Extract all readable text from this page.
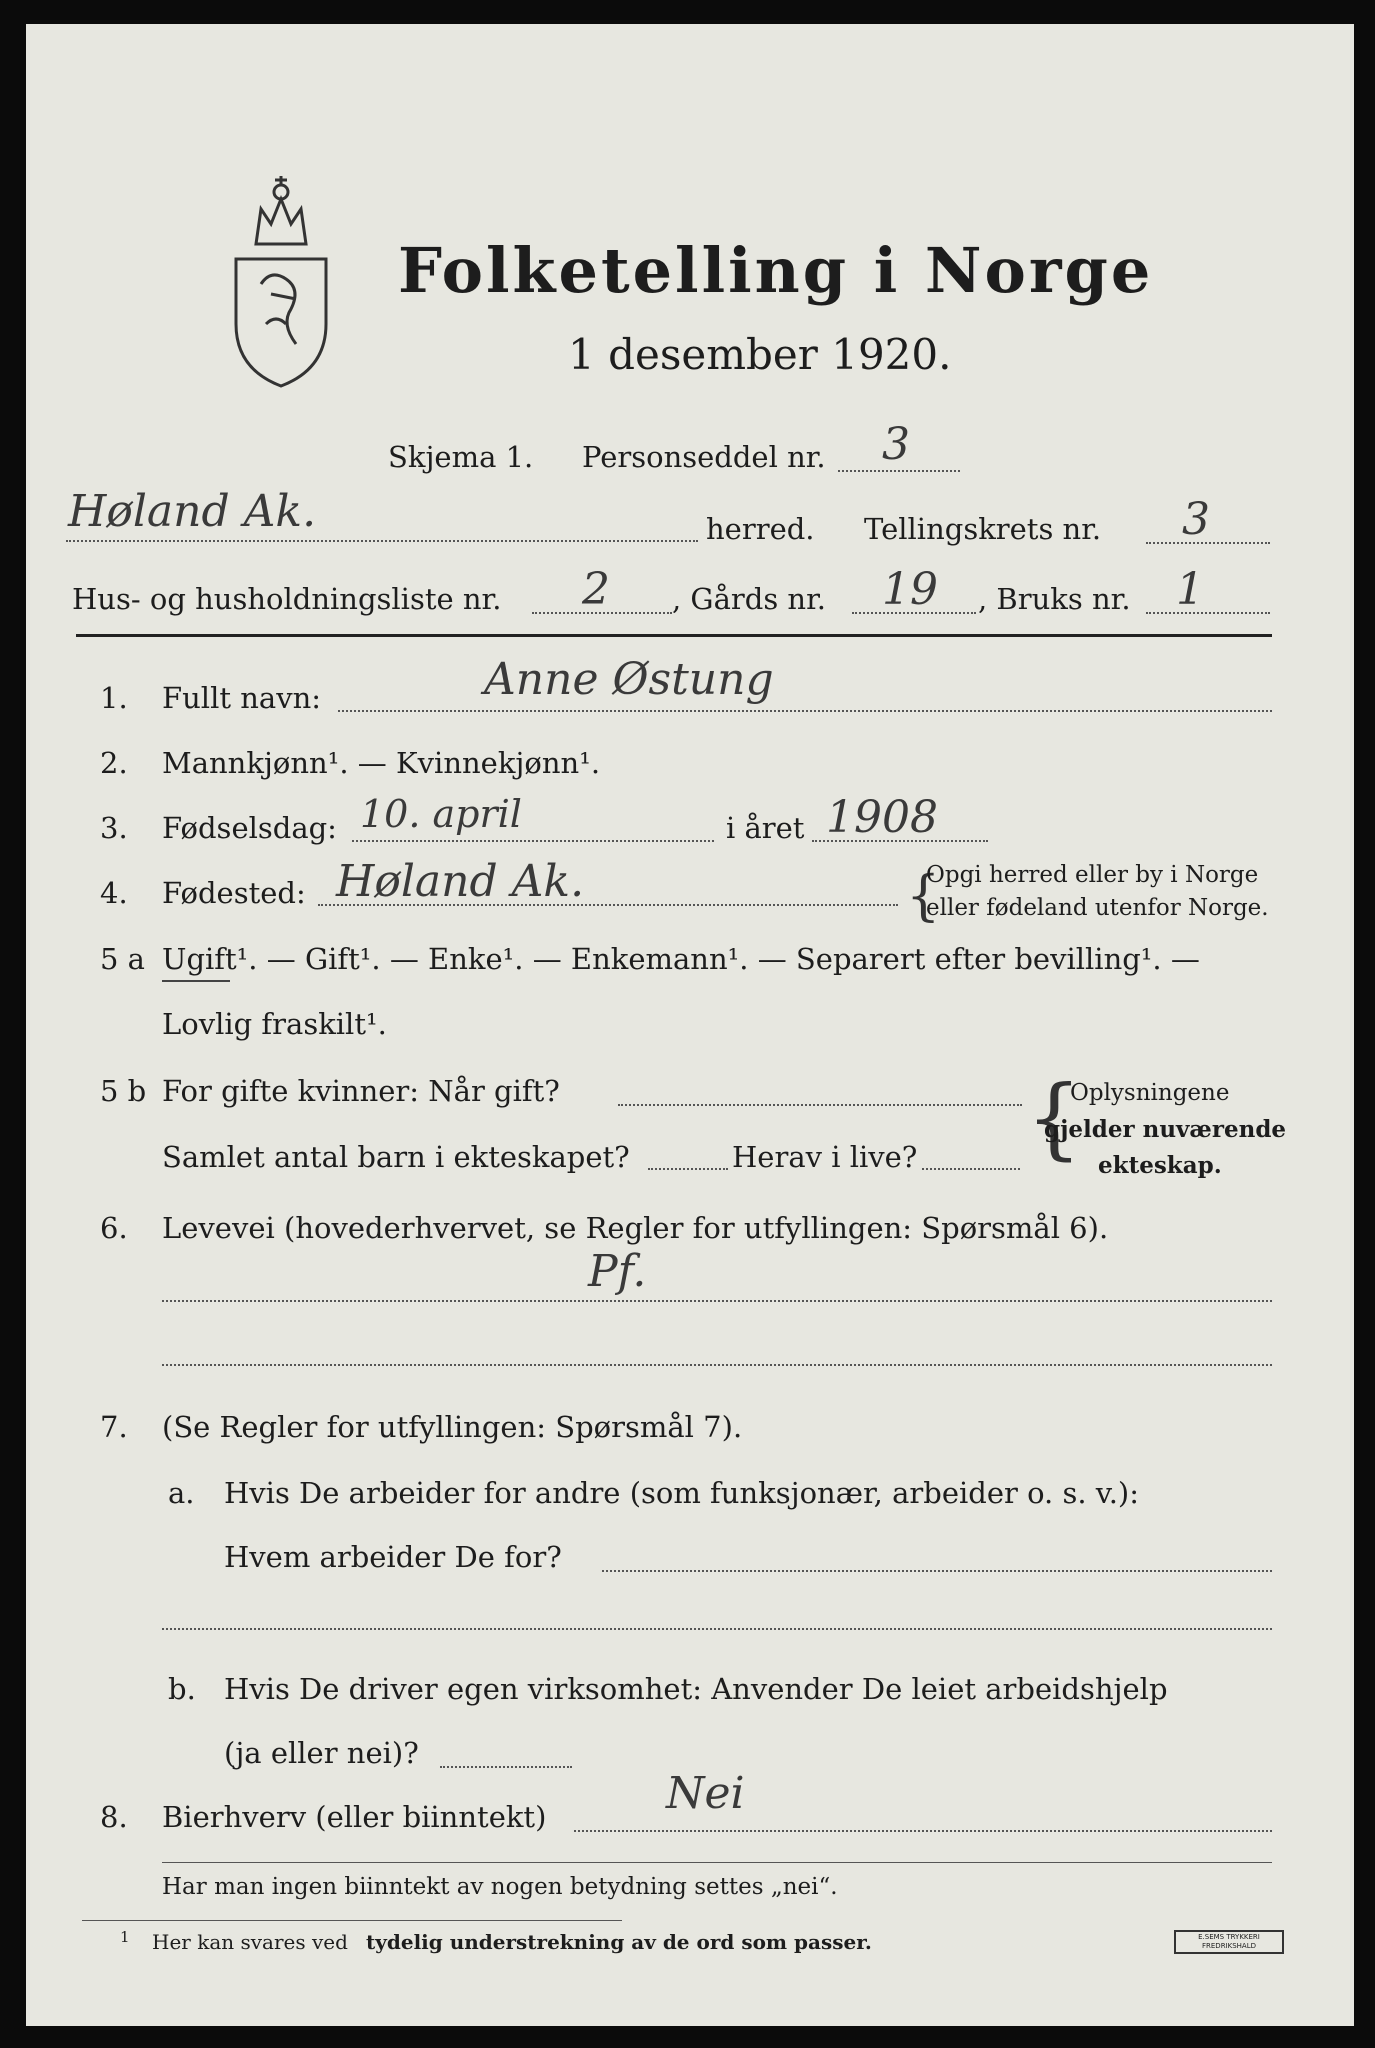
Folketelling i Norge
1 desember 1920.
Skjema 1. Personseddel nr. 3
Høland Ak.	herred. Tellingskrets nr. 3
Hus- og husholdningsliste nr. 2 , Gårds nr. 19 , Bruks nr. 1
1. Fullt navn:	Anne Østung
2. Mannkjønn¹. — Kvinnekjønn¹.
3. Fødselsdag: 10. april	i året 1908
4. Fødested: Høland Ak.	{
Opgi herred eller by i Norge
eller fødeland utenfor Norge.
5 a Ugift¹. — Gift¹. — Enke¹. — Enkemann¹. — Separert efter bevilling¹. —
Lovlig fraskilt¹.
5 b For gifte kvinner: Når gift?
Samlet antal barn i ekteskapet?	Herav i live? {
Oplysningene
gjelder nuværende
ekteskap.
6. Levevei (hovederhvervet, se Regler for utfyllingen: Spørsmål 6).
Pf.
7. (Se Regler for utfyllingen: Spørsmål 7).
a. Hvis De arbeider for andre (som funksjonær, arbeider o. s. v.):
Hvem arbeider De for?
b. Hvis De driver egen virksomhet: Anvender De leiet arbeidshjelp
(ja eller nei)?
8. Bierhverv (eller biinntekt)	Nei
Har man ingen biinntekt av nogen betydning settes „nei“.
1 Her kan svares ved tydelig understrekning av de ord som passer.	E.SEMS TRYKKERI
FREDRIKSHALD
